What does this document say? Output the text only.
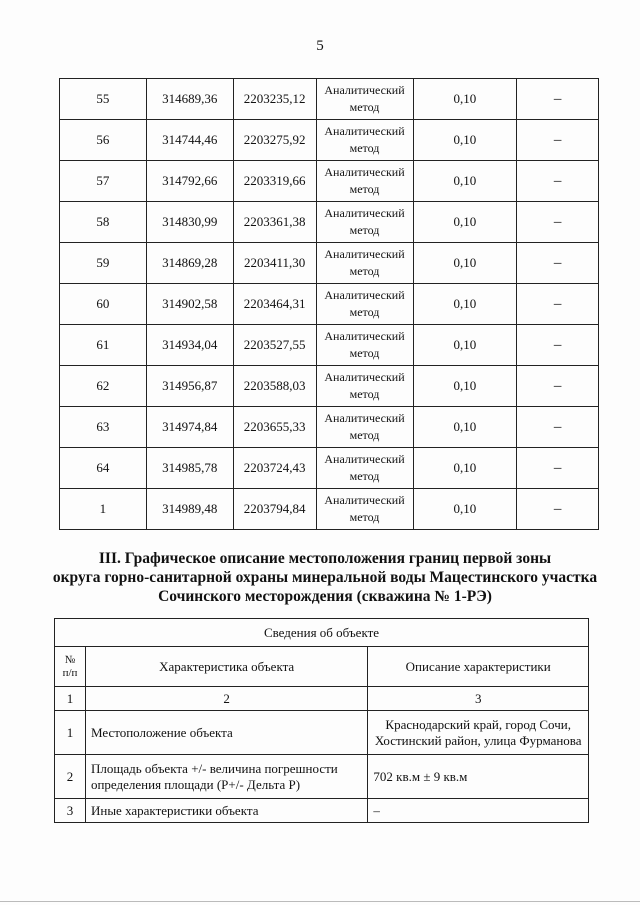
5
55	314689,36	2203235,12	Аналитический метод	0,10	–
56	314744,46	2203275,92	Аналитический метод	0,10	–
57	314792,66	2203319,66	Аналитический метод	0,10	–
58	314830,99	2203361,38	Аналитический метод	0,10	–
59	314869,28	2203411,30	Аналитический метод	0,10	–
60	314902,58	2203464,31	Аналитический метод	0,10	–
61	314934,04	2203527,55	Аналитический метод	0,10	–
62	314956,87	2203588,03	Аналитический метод	0,10	–
63	314974,84	2203655,33	Аналитический метод	0,10	–
64	314985,78	2203724,43	Аналитический метод	0,10	–
1	314989,48	2203794,84	Аналитический метод	0,10	–
III. Графическое описание местоположения границ первой зоны
округа горно-санитарной охраны минеральной воды Мацестинского участка
Сочинского месторождения (скважина № 1-РЭ)
Сведения об объекте		
№ п/п	Характеристика объекта	Описание характеристики
1	2	3
1	Местоположение объекта	Краснодарский край, город Сочи, Хостинский район, улица Фурманова
2	Площадь объекта +/- величина погрешности определения площади (Р+/- Дельта Р)	702 кв.м ± 9 кв.м
3	Иные характеристики объекта	–
